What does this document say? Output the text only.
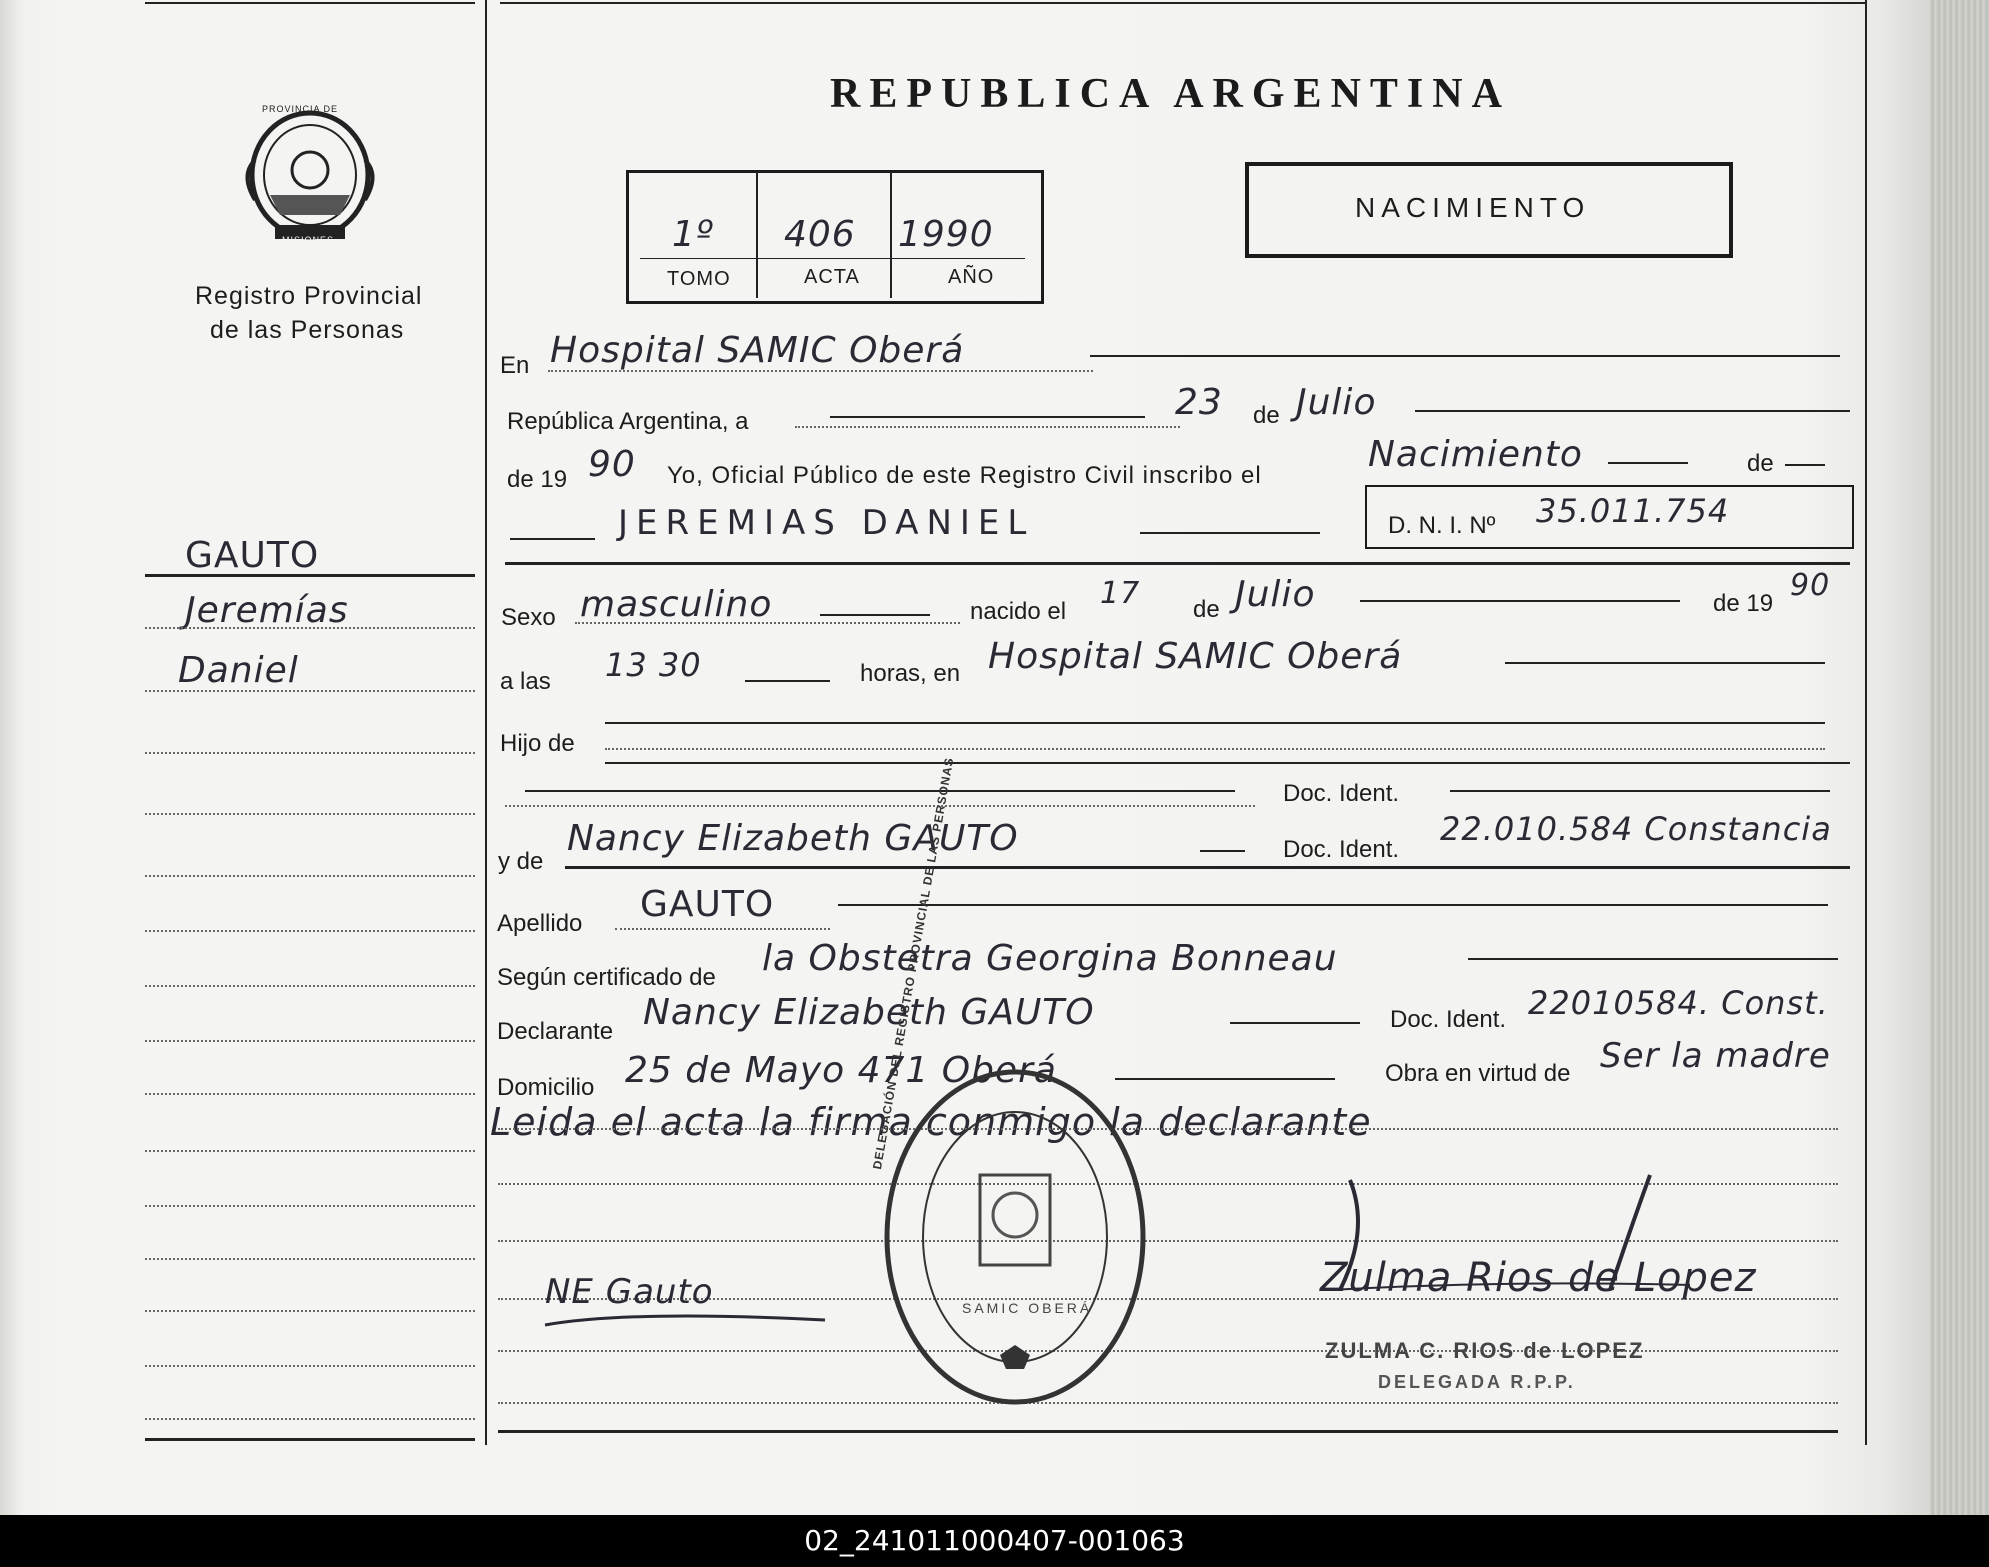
PROVINCIA DE
MISIONES
Registro Provincial
de las Personas
REPUBLICA ARGENTINA
1º 406 1990
TOMO	ACTA	AÑO
NACIMIENTO
En Hospital SAMIC Oberá
República Argentina, a	23 de Julio
de 19 90 Yo, Oficial Público de este Registro Civil inscribo el
Nacimiento	de
JEREMIAS DANIEL	D. N. I. Nº 35.011.754
GAUTO
Jeremías
Daniel
Sexo masculino	nacido el
17 de Julio	de 19
90
a las 13 30	horas, en Hospital SAMIC Oberá
Hijo de
Doc. Ident.
y de
Nancy Elizabeth GAUTO	Doc. Ident.
22.010.584 Constancia
Apellido GAUTO
Según certificado de la Obstetra Georgina Bonneau
Declarante Nancy Elizabeth GAUTO	Doc. Ident. 22010584. Const.
Domicilio 25 de Mayo 471 Oberá	Obra en virtud de Ser la madre
Leida el acta la firma conmigo la declarante
DELEGACIÓN DEL REGISTRO PROVINCIAL DE LAS PERSONAS
SAMIC OBERÁ
NE Gauto	Zulma Rios de Lopez
ZULMA C. RIOS de LOPEZ
DELEGADA R.P.P.
02_241011000407-001063
